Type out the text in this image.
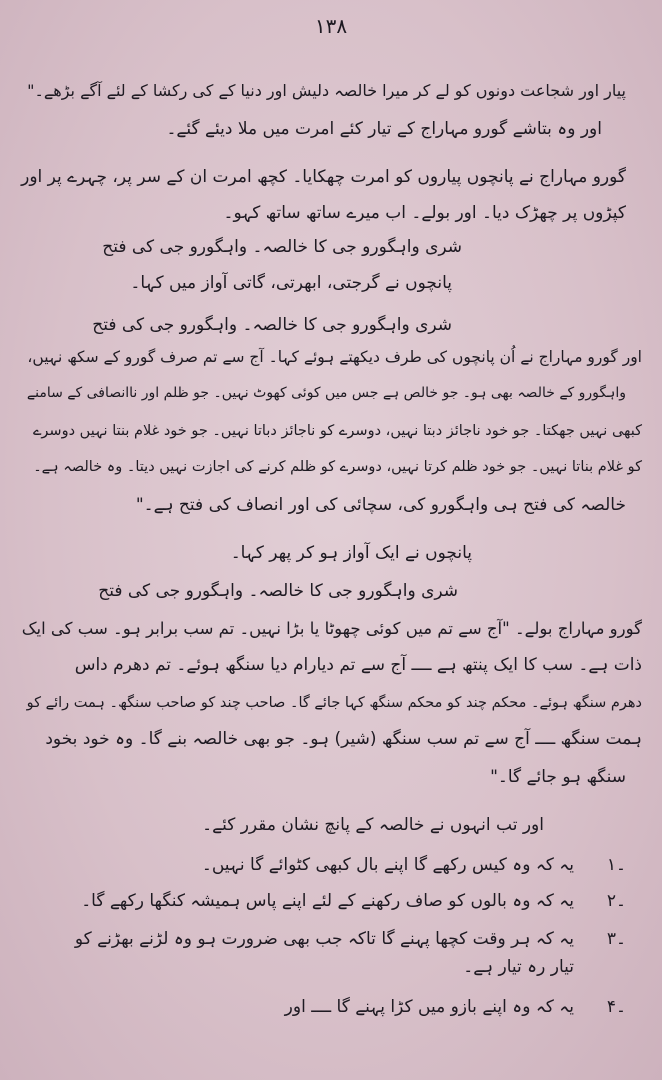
۱۳۸
پیار اور شجاعت دونوں کو لے کر میرا خالصہ دلیش اور دنیا کے کی رکشا کے لئے آگے بڑھے۔"
اور وہ بتاشے گورو مہاراج کے تیار کئے امرت میں ملا دیئے گئے۔
گورو مہاراج نے پانچوں پیاروں کو امرت چھکایا۔ کچھ امرت ان کے سر پر، چہرے پر اور
کپڑوں پر چھڑک دیا۔ اور بولے۔ اب میرے ساتھ ساتھ کہو۔
شری واہگورو جی کا خالصہ۔ واہگورو جی کی فتح
پانچوں نے گرجتی، ابھرتی، گاتی آواز میں کہا۔
شری واہگورو جی کا خالصہ۔ واہگورو جی کی فتح
اور گورو مہاراج نے اُن پانچوں کی طرف دیکھتے ہوئے کہا۔ آج سے تم صرف گورو کے سکھ نہیں،
واہگورو کے خالصہ بھی ہو۔ جو خالص ہے جس میں کوئی کھوٹ نہیں۔ جو ظلم اور ناانصافی کے سامنے
کبھی نہیں جھکتا۔ جو خود ناجائز دبتا نہیں، دوسرے کو ناجائز دباتا نہیں۔ جو خود غلام بنتا نہیں دوسرے
کو غلام بناتا نہیں۔ جو خود ظلم کرتا نہیں، دوسرے کو ظلم کرنے کی اجازت نہیں دیتا۔ وہ خالصہ ہے۔
خالصہ کی فتح ہی واہگورو کی، سچائی کی اور انصاف کی فتح ہے۔"
پانچوں نے ایک آواز ہو کر پھر کہا۔
شری واہگورو جی کا خالصہ۔ واہگورو جی کی فتح
گورو مہاراج بولے۔ "آج سے تم میں کوئی چھوٹا یا بڑا نہیں۔ تم سب برابر ہو۔ سب کی ایک
ذات ہے۔ سب کا ایک پنتھ ہے ــــ آج سے تم دیارام دیا سنگھ ہوئے۔ تم دھرم داس
دھرم سنگھ ہوئے۔ محکم چند کو محکم سنگھ کہا جائے گا۔ صاحب چند کو صاحب سنگھ۔ ہمت رائے کو
ہمت سنگھ ــــ آج سے تم سب سنگھ (شیر) ہو۔ جو بھی خالصہ بنے گا۔ وہ خود بخود
سنگھ ہو جائے گا۔"
اور تب انہوں نے خالصہ کے پانچ نشان مقرر کئے۔
۱۔
یہ کہ وہ کیس رکھے گا اپنے بال کبھی کٹوائے گا نہیں۔
۲۔
یہ کہ وہ بالوں کو صاف رکھنے کے لئے اپنے پاس ہمیشہ کنگھا رکھے گا۔
۳۔
یہ کہ ہر وقت کچھا پہنے گا تاکہ جب بھی ضرورت ہو وہ لڑنے بھڑنے کو
تیار رہ تیار ہے۔
۴۔
یہ کہ وہ اپنے بازو میں کڑا پہنے گا ــــ اور
